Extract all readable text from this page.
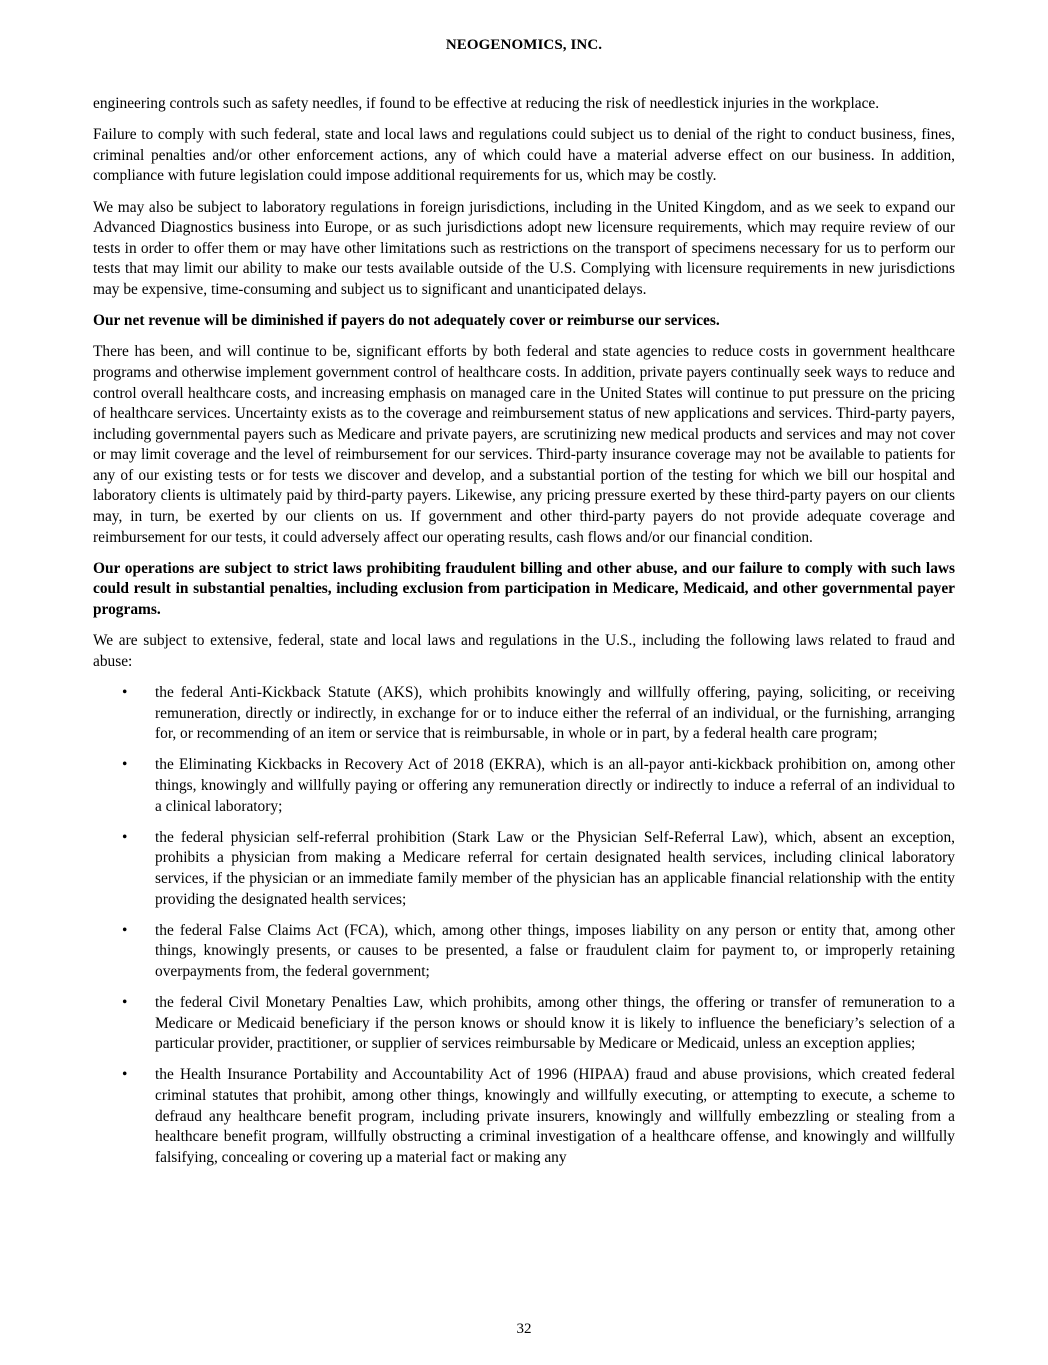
NEOGENOMICS, INC.

engineering controls such as safety needles, if found to be effective at reducing the risk of needlestick injuries in the workplace.

Failure to comply with such federal, state and local laws and regulations could subject us to denial of the right to conduct business, fines, criminal penalties and/or other enforcement actions, any of which could have a material adverse effect on our business. In addition, compliance with future legislation could impose additional requirements for us, which may be costly.

We may also be subject to laboratory regulations in foreign jurisdictions, including in the United Kingdom, and as we seek to expand our Advanced Diagnostics business into Europe, or as such jurisdictions adopt new licensure requirements, which may require review of our tests in order to offer them or may have other limitations such as restrictions on the transport of specimens necessary for us to perform our tests that may limit our ability to make our tests available outside of the U.S. Complying with licensure requirements in new jurisdictions may be expensive, time-consuming and subject us to significant and unanticipated delays.

Our net revenue will be diminished if payers do not adequately cover or reimburse our services.

There has been, and will continue to be, significant efforts by both federal and state agencies to reduce costs in government healthcare programs and otherwise implement government control of healthcare costs. In addition, private payers continually seek ways to reduce and control overall healthcare costs, and increasing emphasis on managed care in the United States will continue to put pressure on the pricing of healthcare services. Uncertainty exists as to the coverage and reimbursement status of new applications and services. Third-party payers, including governmental payers such as Medicare and private payers, are scrutinizing new medical products and services and may not cover or may limit coverage and the level of reimbursement for our services. Third-party insurance coverage may not be available to patients for any of our existing tests or for tests we discover and develop, and a substantial portion of the testing for which we bill our hospital and laboratory clients is ultimately paid by third-party payers. Likewise, any pricing pressure exerted by these third-party payers on our clients may, in turn, be exerted by our clients on us. If government and other third-party payers do not provide adequate coverage and reimbursement for our tests, it could adversely affect our operating results, cash flows and/or our financial condition.

Our operations are subject to strict laws prohibiting fraudulent billing and other abuse, and our failure to comply with such laws could result in substantial penalties, including exclusion from participation in Medicare, Medicaid, and other governmental payer programs.

We are subject to extensive, federal, state and local laws and regulations in the U.S., including the following laws related to fraud and abuse:

• the federal Anti-Kickback Statute (AKS), which prohibits knowingly and willfully offering, paying, soliciting, or receiving remuneration, directly or indirectly, in exchange for or to induce either the referral of an individual, or the furnishing, arranging for, or recommending of an item or service that is reimbursable, in whole or in part, by a federal health care program;
• the Eliminating Kickbacks in Recovery Act of 2018 (EKRA), which is an all-payor anti-kickback prohibition on, among other things, knowingly and willfully paying or offering any remuneration directly or indirectly to induce a referral of an individual to a clinical laboratory;
• the federal physician self-referral prohibition (Stark Law or the Physician Self-Referral Law), which, absent an exception, prohibits a physician from making a Medicare referral for certain designated health services, including clinical laboratory services, if the physician or an immediate family member of the physician has an applicable financial relationship with the entity providing the designated health services;
• the federal False Claims Act (FCA), which, among other things, imposes liability on any person or entity that, among other things, knowingly presents, or causes to be presented, a false or fraudulent claim for payment to, or improperly retaining overpayments from, the federal government;
• the federal Civil Monetary Penalties Law, which prohibits, among other things, the offering or transfer of remuneration to a Medicare or Medicaid beneficiary if the person knows or should know it is likely to influence the beneficiary’s selection of a particular provider, practitioner, or supplier of services reimbursable by Medicare or Medicaid, unless an exception applies;
• the Health Insurance Portability and Accountability Act of 1996 (HIPAA) fraud and abuse provisions, which created federal criminal statutes that prohibit, among other things, knowingly and willfully executing, or attempting to execute, a scheme to defraud any healthcare benefit program, including private insurers, knowingly and willfully embezzling or stealing from a healthcare benefit program, willfully obstructing a criminal investigation of a healthcare offense, and knowingly and willfully falsifying, concealing or covering up a material fact or making any
32
